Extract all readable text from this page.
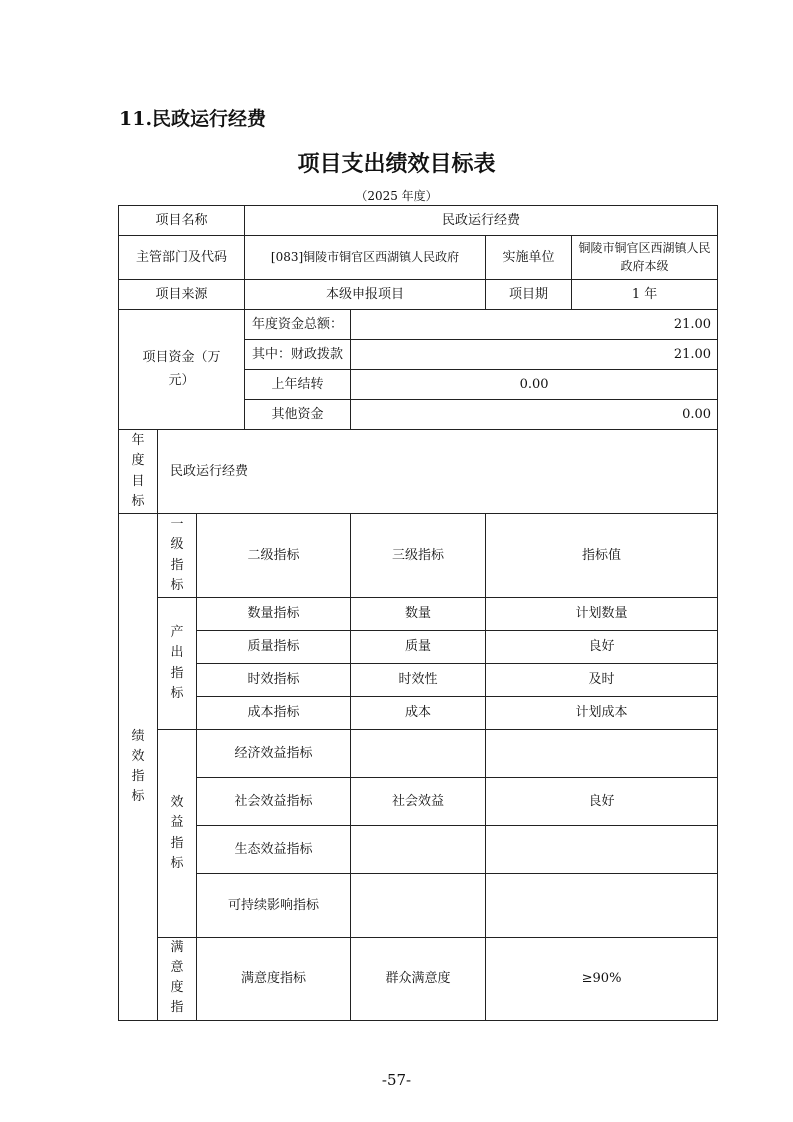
11.民政运行经费
项目支出绩效目标表
（2025 年度）
项目名称			民政运行经费			
主管部门及代码			[083]铜陵市铜官区西湖镇人民政府		实施单位	铜陵市铜官区西湖镇人民政府本级
项目来源			本级申报项目		项目期	1 年

项目资金（万元）			年度资金总额：	21.00		
			其中：财政拨款	21.00		
			上年结转	0.00		
			其他资金	0.00		
年度目标	民政运行经费					
绩效指标	一级指标	二级指标		三级指标	指标值	
	产出指标	数量指标		数量	计划数量	
		质量指标		质量	良好	
		时效指标		时效性	及时	
		成本指标		成本	计划成本	
	效益指标	经济效益指标				
		社会效益指标		社会效益	良好	
		生态效益指标				
		可持续影响指标				
	满意度指	满意度指标		群众满意度	≥90%	
-57-
